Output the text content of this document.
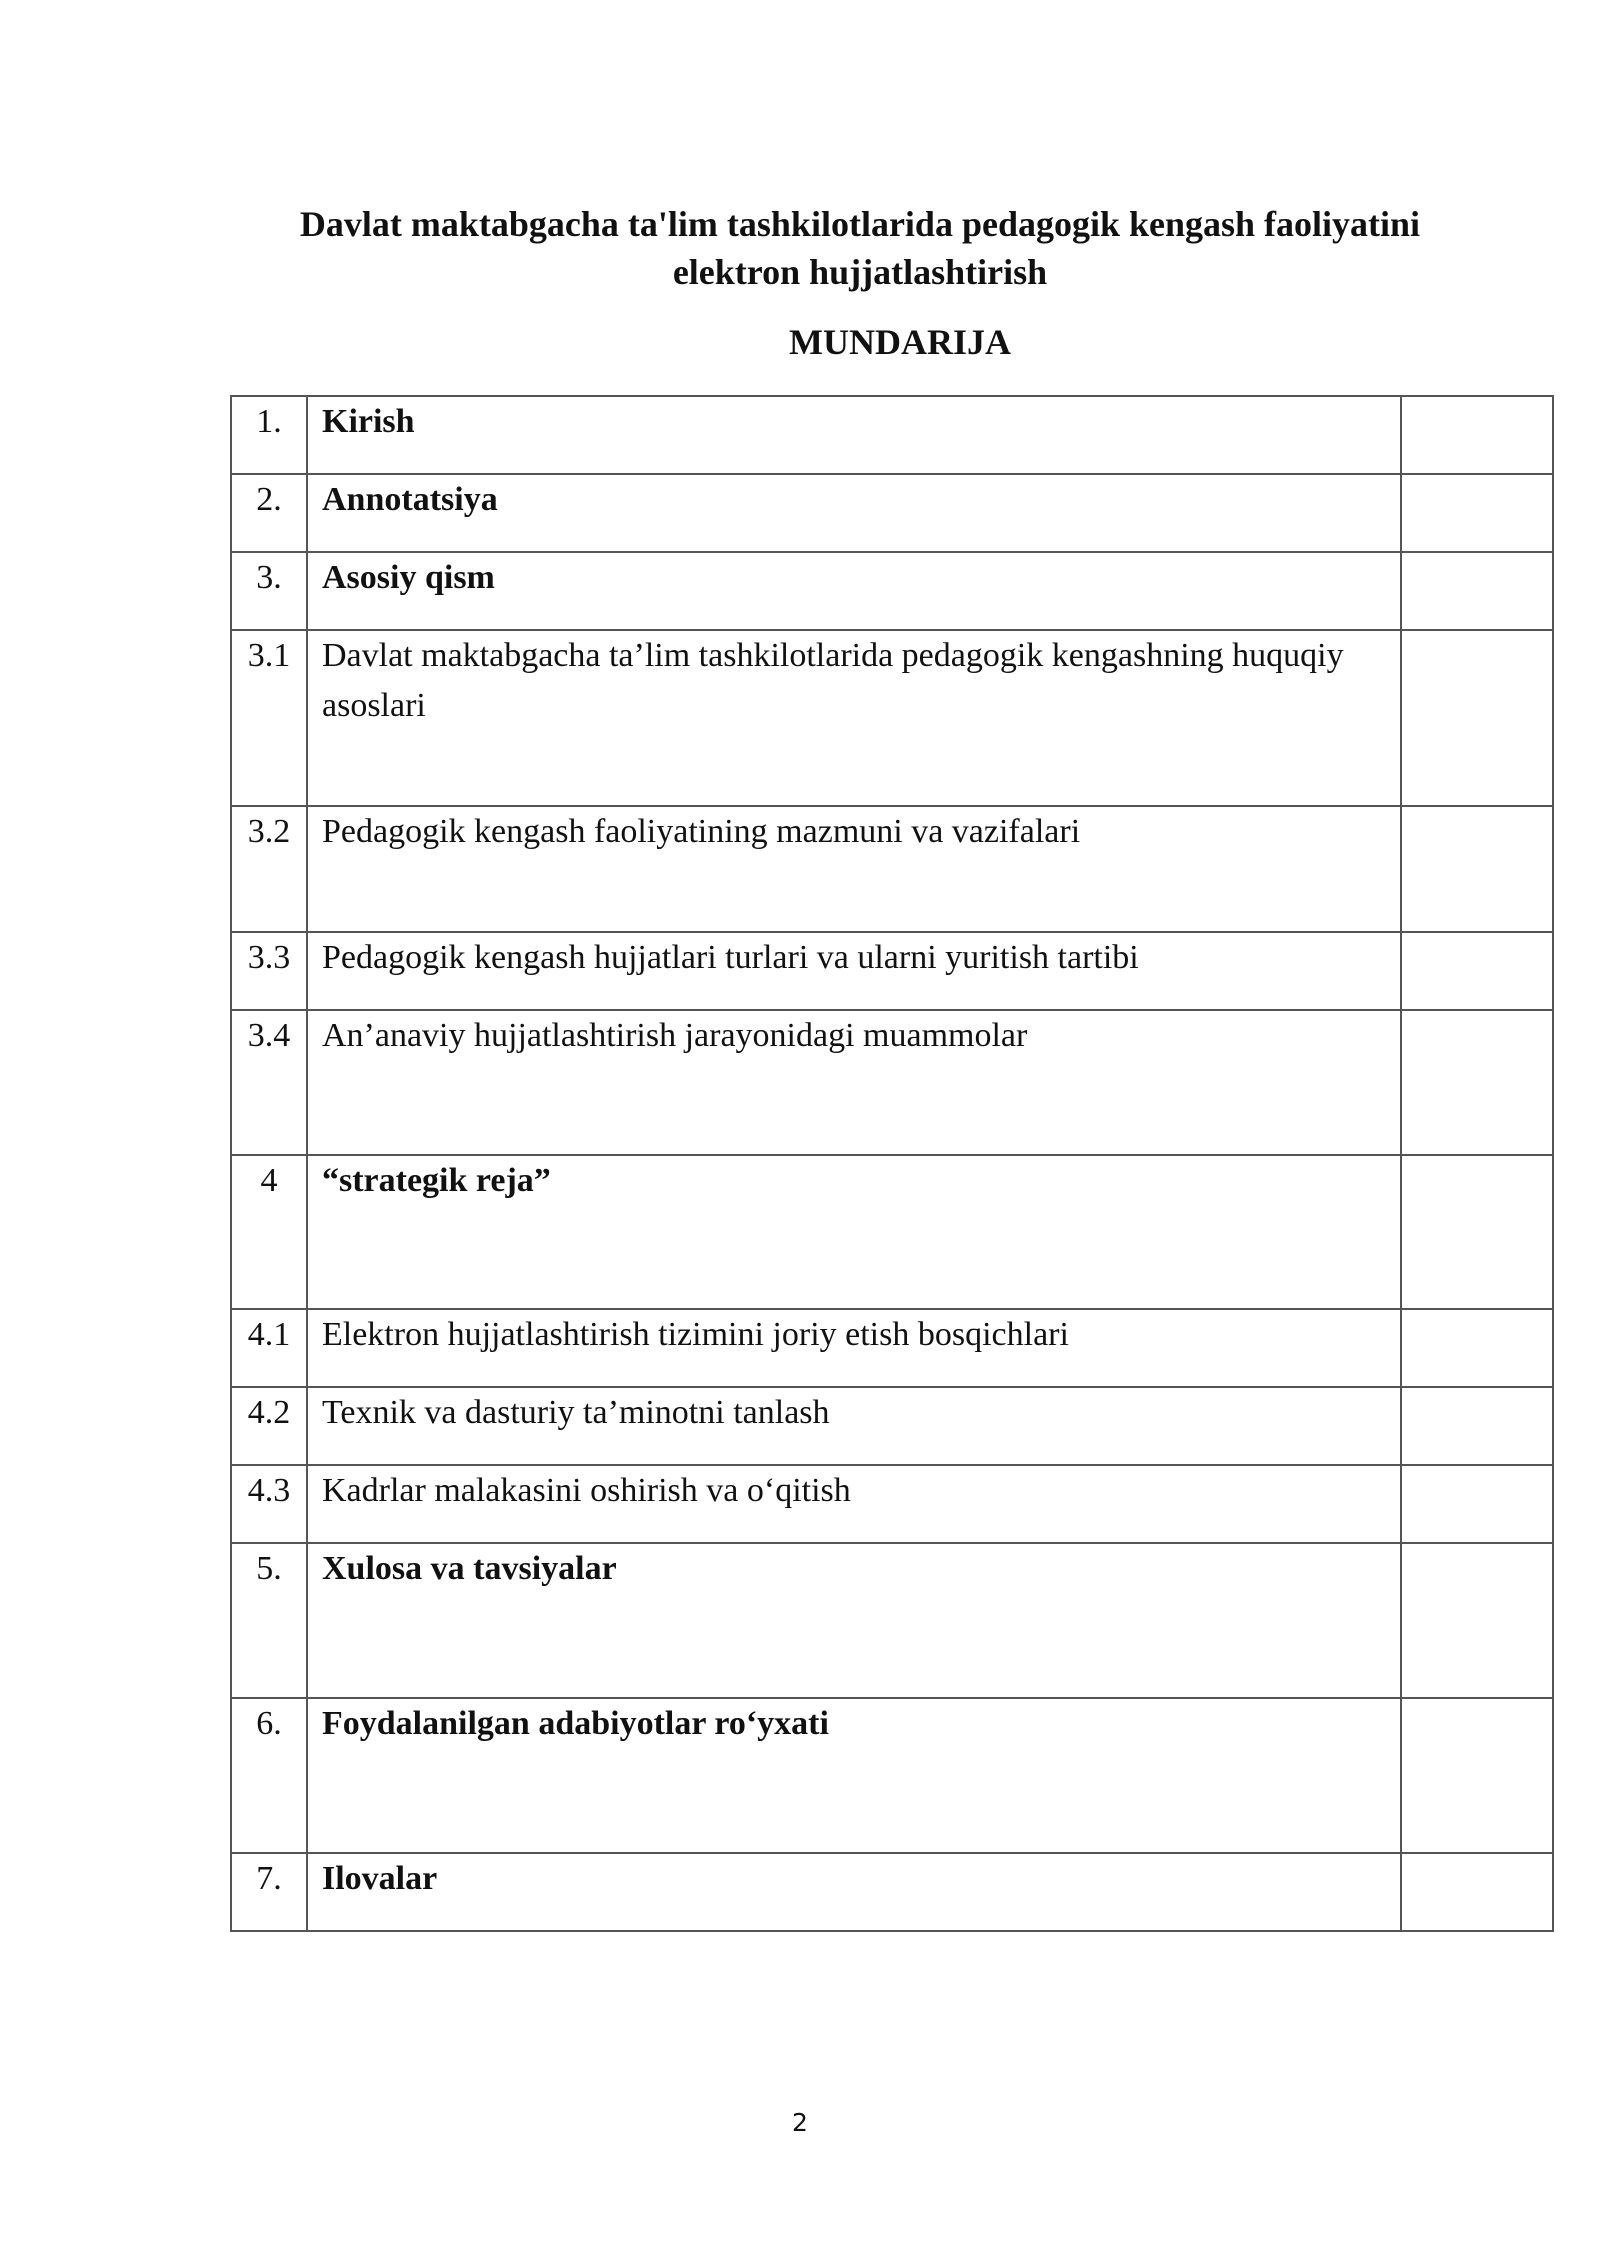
Davlat maktabgacha ta'lim tashkilotlarida pedagogik kengash faoliyatini
elektron hujjatlashtirish
MUNDARIJA
1.	Kirish	

2.	Annotatsiya	

3.	Asosiy qism	

3.1	Davlat maktabgacha ta’lim tashkilotlarida pedagogik kengashning huquqiy asoslari	

3.2	Pedagogik kengash faoliyatining mazmuni va vazifalari	

3.3	Pedagogik kengash hujjatlari turlari va ularni yuritish tartibi	

3.4	An’anaviy hujjatlashtirish jarayonidagi muammolar	

4	“strategik reja”	

4.1	Elektron hujjatlashtirish tizimini joriy etish bosqichlari	

4.2	Texnik va dasturiy ta’minotni tanlash	

4.3	Kadrlar malakasini oshirish va o‘qitish	

5.	Xulosa va tavsiyalar	

6.	Foydalanilgan adabiyotlar ro‘yxati	

7.	Ilovalar	

2
